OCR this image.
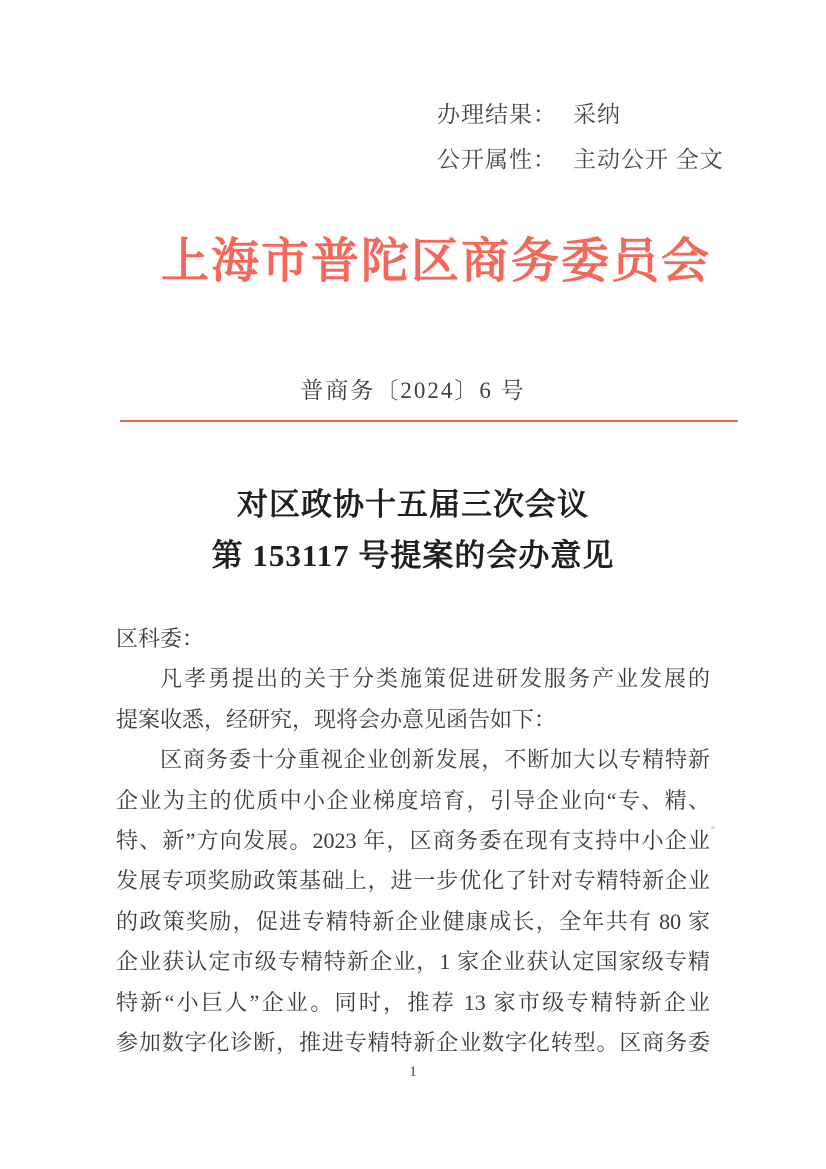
办理结果： 采纳
公开属性： 主动公开 全文
上海市普陀区商务委员会
普商务〔2024〕6 号
对区政协十五届三次会议
第 153117 号提案的会办意见
区科委：
凡孝勇提出的关于分类施策促进研发服务产业发展的
提案收悉，经研究，现将会办意见函告如下：
区商务委十分重视企业创新发展，不断加大以专精特新
企业为主的优质中小企业梯度培育，引导企业向“专、精、
特、新”方向发展。2023 年，区商务委在现有支持中小企业
发展专项奖励政策基础上，进一步优化了针对专精特新企业
的政策奖励，促进专精特新企业健康成长，全年共有 80 家
企业获认定市级专精特新企业，1 家企业获认定国家级专精
特新“小巨人”企业。同时，推荐 13 家市级专精特新企业
参加数字化诊断，推进专精特新企业数字化转型。区商务委
1
